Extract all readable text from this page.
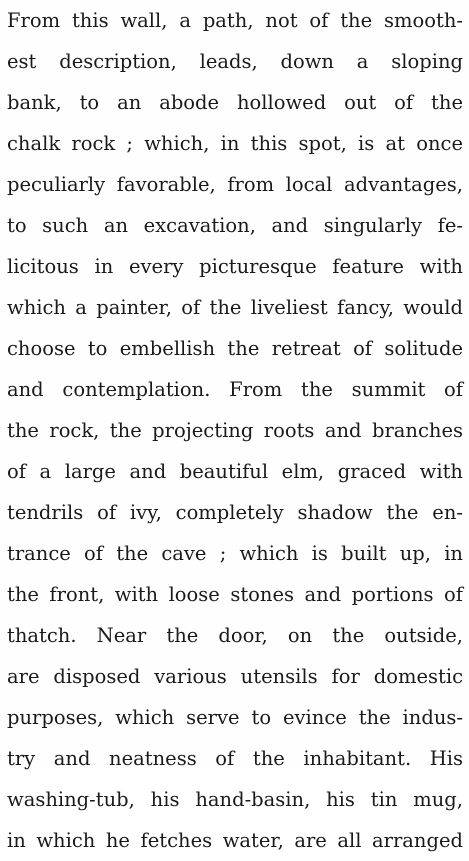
From this wall, a path, not of the smooth-
est description, leads, down a sloping
bank, to an abode hollowed out of the
chalk rock ; which, in this spot, is at once
peculiarly favorable, from local advantages,
to such an excavation, and singularly fe-
licitous in every picturesque feature with
which a painter, of the liveliest fancy, would
choose to embellish the retreat of solitude
and contemplation. From the summit of
the rock, the projecting roots and branches
of a large and beautiful elm, graced with
tendrils of ivy, completely shadow the en-
trance of the cave ; which is built up, in
the front, with loose stones and portions of
thatch. Near the door, on the outside,
are disposed various utensils for domestic
purposes, which serve to evince the indus-
try and neatness of the inhabitant. His
washing-tub, his hand-basin, his tin mug,
in which he fetches water, are all arranged
